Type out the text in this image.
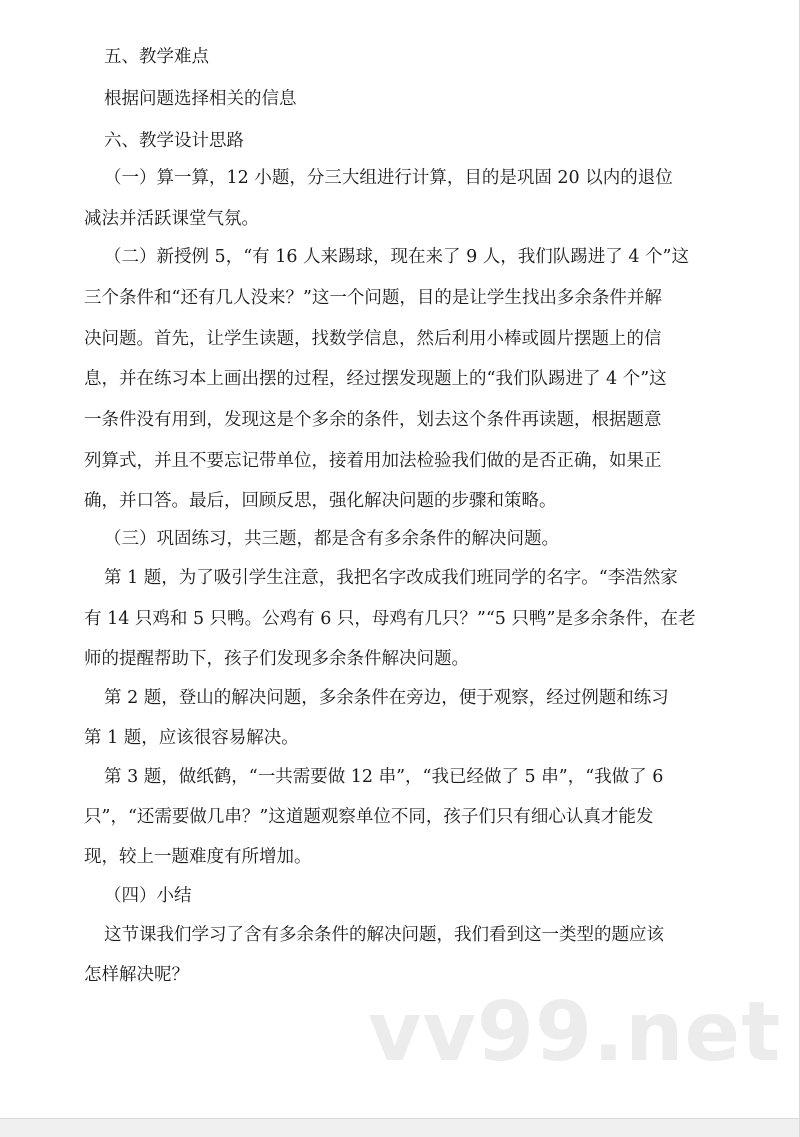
五、教学难点
根据问题选择相关的信息
六、教学设计思路
（一）算一算，12 小题，分三大组进行计算，目的是巩固 20 以内的退位
减法并活跃课堂气氛。
（二）新授例 5，“有 16 人来踢球，现在来了 9 人，我们队踢进了 4 个”这
三个条件和“还有几人没来？”这一个问题，目的是让学生找出多余条件并解
决问题。首先，让学生读题，找数学信息，然后利用小棒或圆片摆题上的信
息，并在练习本上画出摆的过程，经过摆发现题上的“我们队踢进了 4 个”这
一条件没有用到，发现这是个多余的条件，划去这个条件再读题，根据题意
列算式，并且不要忘记带单位，接着用加法检验我们做的是否正确，如果正
确，并口答。最后，回顾反思，强化解决问题的步骤和策略。
（三）巩固练习，共三题，都是含有多余条件的解决问题。
第 1 题，为了吸引学生注意，我把名字改成我们班同学的名字。“李浩然家
有 14 只鸡和 5 只鸭。公鸡有 6 只，母鸡有几只？”“5 只鸭”是多余条件，在老
师的提醒帮助下，孩子们发现多余条件解决问题。
第 2 题，登山的解决问题，多余条件在旁边，便于观察，经过例题和练习
第 1 题，应该很容易解决。
第 3 题，做纸鹤，“一共需要做 12 串”，“我已经做了 5 串”，“我做了 6
只”，“还需要做几串？”这道题观察单位不同，孩子们只有细心认真才能发
现，较上一题难度有所增加。
（四）小结
这节课我们学习了含有多余条件的解决问题，我们看到这一类型的题应该
怎样解决呢？
vv99.net
